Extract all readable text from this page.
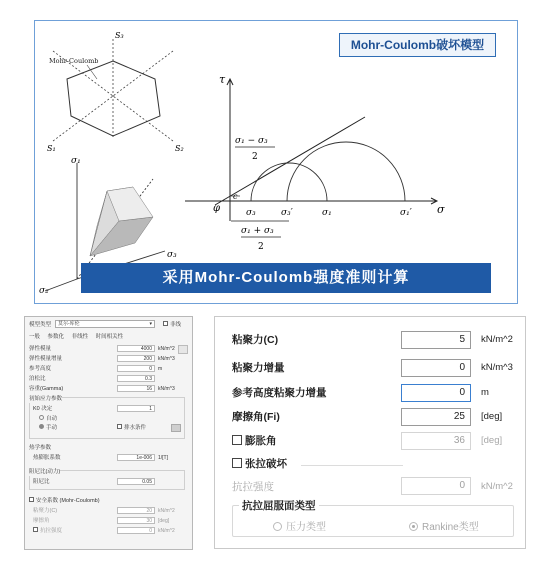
Mohr-Coulomb破坏模型
Mohr-Coulomb
S₃
S₁	S₂
σ₁
σ₃
σ₂
τ
σ
φ
c
σ₁ − σ₃
2
σ₃	σ₃′	σ₁	σ₁′
σ₁ + σ₃
2
采用Mohr-Coulomb强度准则计算
模型类型	莫尔-库伦	▾	非线
一般 参数化 非线性 时间相关性
弹性模量	4000	kN/m^2
弹性模量增量	200	kN/m^3
参考高度	0	m
泊松比	0.3
容重(Gamma)	16	kN/m^3
初始应力参数
K0 决定	1
自动
手动	排水条件
热学参数
热膨胀系数	1e-006	1/[T]
阻尼比(动力)
阻尼比	0.05
安全系数 (Mohr-Coulomb)
粘聚力(C)	20	kN/m^2
摩擦角	30	[deg]
抗拉强度	0	kN/m^2
粘聚力(C)	5	kN/m^2
粘聚力增量	0	kN/m^3
参考高度粘聚力增量	0	m
摩擦角(Fi)	25	[deg]
膨胀角	36	[deg]
张拉破坏
抗拉强度	0	kN/m^2
抗拉屈服面类型
压力类型	Rankine类型
